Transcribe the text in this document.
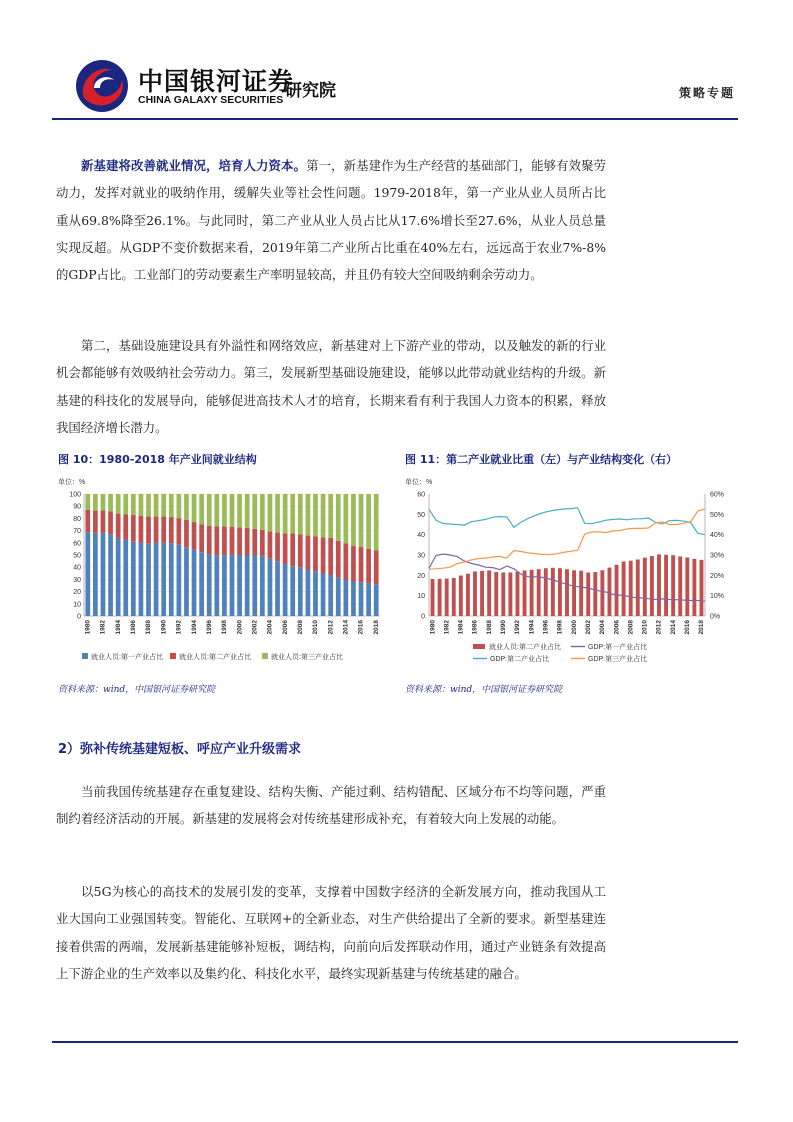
中国银河证券
CHINA GALAXY SECURITIES 研究院	策略专题

新基建将改善就业情况，培育人力资本。第一，新基建作为生产经营的基础部门，能够有效聚劳动力，发挥对就业的吸纳作用，缓解失业等社会性问题。1979-2018年，第一产业从业人员所占比重从69.8%降至26.1%。与此同时，第二产业从业人员占比从17.6%增长至27.6%，从业人员总量实现反超。从GDP不变价数据来看，2019年第二产业所占比重在40%左右，远远高于农业7%-8%的GDP占比。工业部门的劳动要素生产率明显较高，并且仍有较大空间吸纳剩余劳动力。

第二，基础设施建设具有外溢性和网络效应，新基建对上下游产业的带动，以及触发的新的行业机会都能够有效吸纳社会劳动力。第三，发展新型基础设施建设，能够以此带动就业结构的升级。新基建的科技化的发展导向，能够促进高技术人才的培育，长期来看有利于我国人力资本的积累，释放我国经济增长潜力。

图 10：1980-2018 年产业间就业结构	图 11：第二产业就业比重（左）与产业结构变化（右）
单位：%
0
10
20
30
40
50
60
70
80
90
100
1980 1982 1984 1986 1988 1990 1992 1994 1996 1998 2000 2002 2004 2006 2008 2010 2012 2014 2016 2018
就业人员:第一产业占比 就业人员:第二产业占比	就业人员:第三产业占比
单位：%
0
10
20
30
40
50
60
0%
10%
20%
30%
40%
50%
60%
1980 1982 1984 1986 1988 1990 1992 1994 1996 1998 2000 2002 2004 2006 2008 2010 2012 2014 2016 2018
就业人员:第二产业占比	GDP:第一产业占比
GDP:第二产业占比	GDP:第三产业占比
资料来源：wind，中国银河证券研究院	资料来源：wind，中国银河证券研究院
2）弥补传统基建短板、呼应产业升级需求

当前我国传统基建存在重复建设、结构失衡、产能过剩、结构错配、区域分布不均等问题，严重制约着经济活动的开展。新基建的发展将会对传统基建形成补充，有着较大向上发展的动能。

以5G为核心的高技术的发展引发的变革，支撑着中国数字经济的全新发展方向，推动我国从工业大国向工业强国转变。智能化、互联网+的全新业态，对生产供给提出了全新的要求。新型基建连接着供需的两端，发展新基建能够补短板，调结构，向前向后发挥联动作用，通过产业链条有效提高上下游企业的生产效率以及集约化、科技化水平，最终实现新基建与传统基建的融合。
